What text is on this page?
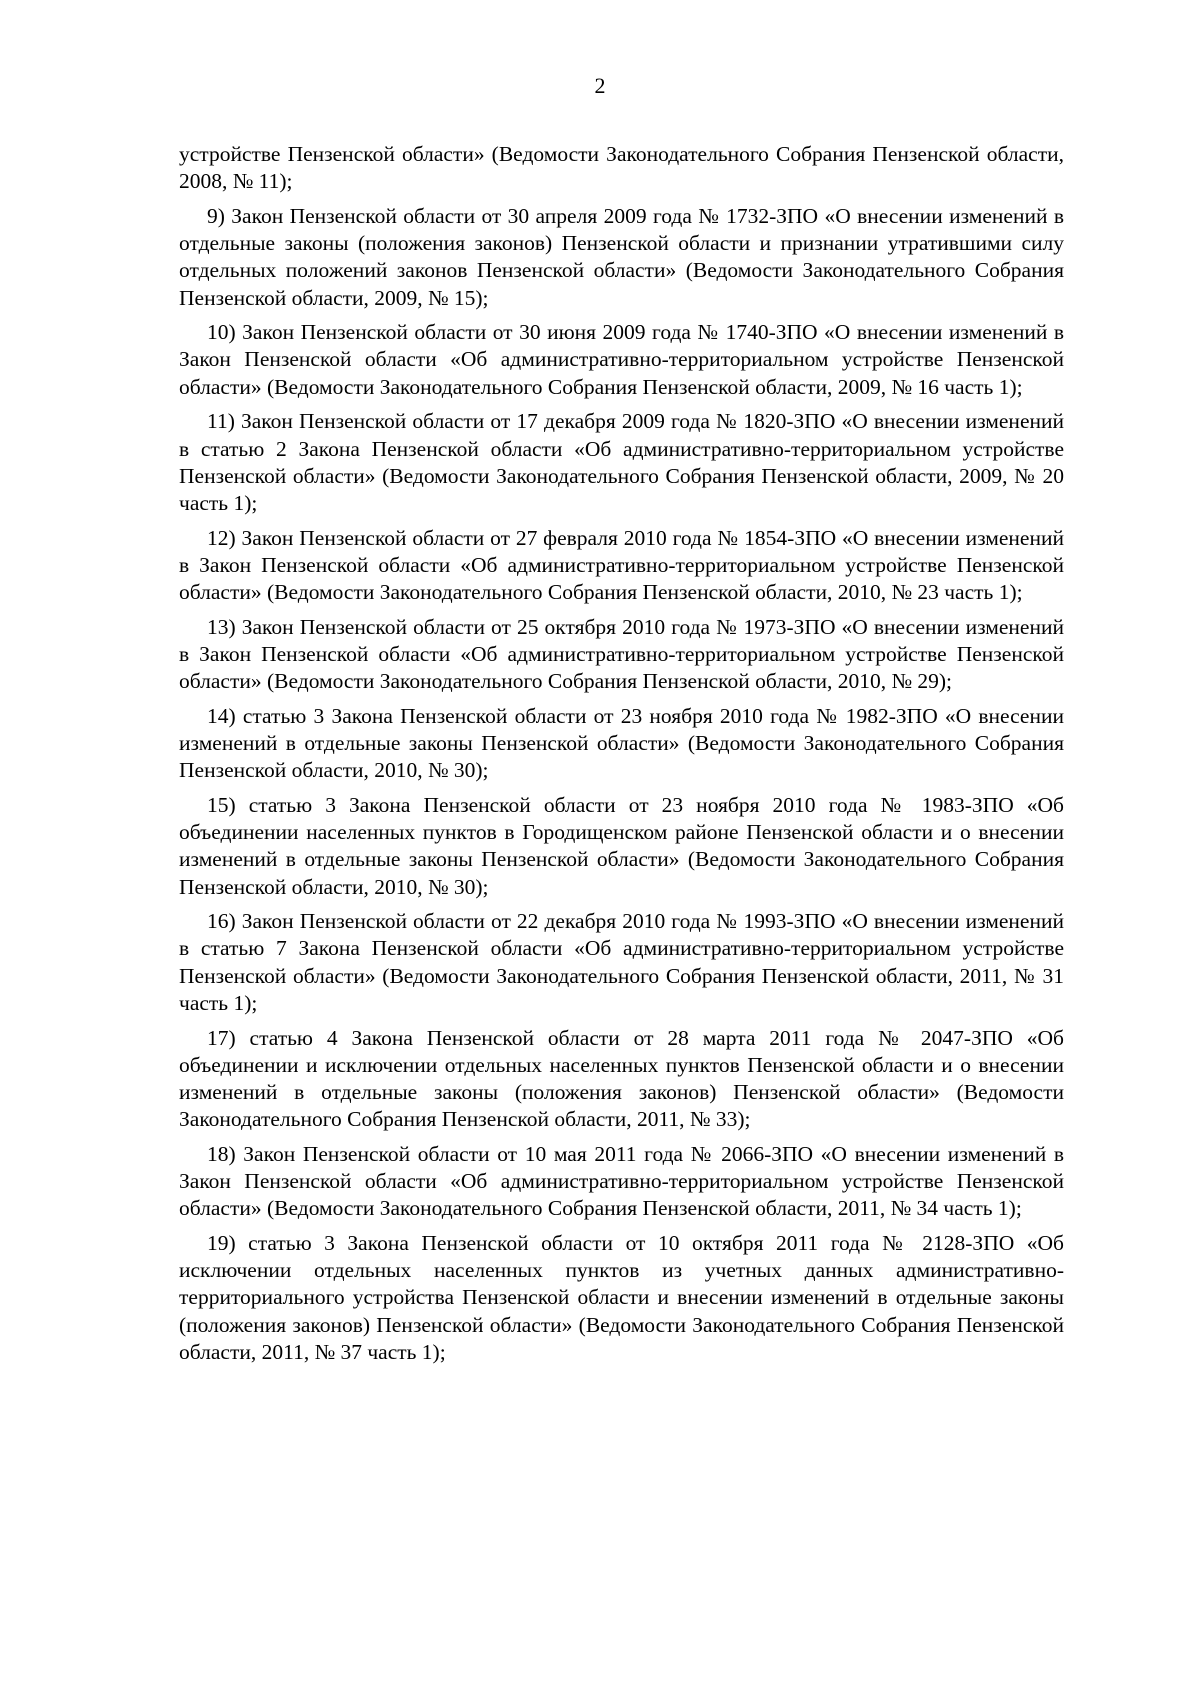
2

устройстве Пензенской области» (Ведомости Законодательного Собрания Пензенской области, 2008, № 11);

9) Закон Пензенской области от 30 апреля 2009 года № 1732-ЗПО «О внесении изменений в отдельные законы (положения законов) Пензенской области и признании утратившими силу отдельных положений законов Пензенской области» (Ведомости Законодательного Собрания Пензенской области, 2009, № 15);

10) Закон Пензенской области от 30 июня 2009 года № 1740-ЗПО «О внесении изменений в Закон Пензенской области «Об административно-территориальном устройстве Пензенской области» (Ведомости Законодательного Собрания Пензенской области, 2009, № 16 часть 1);

11) Закон Пензенской области от 17 декабря 2009 года № 1820-ЗПО «О внесении изменений в статью 2 Закона Пензенской области «Об административно-территориальном устройстве Пензенской области» (Ведомости Законодательного Собрания Пензенской области, 2009, № 20 часть 1);

12) Закон Пензенской области от 27 февраля 2010 года № 1854-ЗПО «О внесении изменений в Закон Пензенской области «Об административно-территориальном устройстве Пензенской области» (Ведомости Законодательного Собрания Пензенской области, 2010, № 23 часть 1);

13) Закон Пензенской области от 25 октября 2010 года № 1973-ЗПО «О внесении изменений в Закон Пензенской области «Об административно-территориальном устройстве Пензенской области» (Ведомости Законодательного Собрания Пензенской области, 2010, № 29);

14) статью 3 Закона Пензенской области от 23 ноября 2010 года № 1982-ЗПО «О внесении изменений в отдельные законы Пензенской области» (Ведомости Законодательного Собрания Пензенской области, 2010, № 30);

15) статью 3 Закона Пензенской области от 23 ноября 2010 года № 1983-ЗПО «Об объединении населенных пунктов в Городищенском районе Пензенской области и о внесении изменений в отдельные законы Пензенской области» (Ведомости Законодательного Собрания Пензенской области, 2010, № 30);

16) Закон Пензенской области от 22 декабря 2010 года № 1993-ЗПО «О внесении изменений в статью 7 Закона Пензенской области «Об административно-территориальном устройстве Пензенской области» (Ведомости Законодательного Собрания Пензенской области, 2011, № 31 часть 1);

17) статью 4 Закона Пензенской области от 28 марта 2011 года № 2047-ЗПО «Об объединении и исключении отдельных населенных пунктов Пензенской области и о внесении изменений в отдельные законы (положения законов) Пензенской области» (Ведомости Законодательного Собрания Пензенской области, 2011, № 33);

18) Закон Пензенской области от 10 мая 2011 года № 2066-ЗПО «О внесении изменений в Закон Пензенской области «Об административно-территориальном устройстве Пензенской области» (Ведомости Законодательного Собрания Пензенской области, 2011, № 34 часть 1);

19) статью 3 Закона Пензенской области от 10 октября 2011 года № 2128-ЗПО «Об исключении отдельных населенных пунктов из учетных данных административно-территориального устройства Пензенской области и внесении изменений в отдельные законы (положения законов) Пензенской области» (Ведомости Законодательного Собрания Пензенской области, 2011, № 37 часть 1);
